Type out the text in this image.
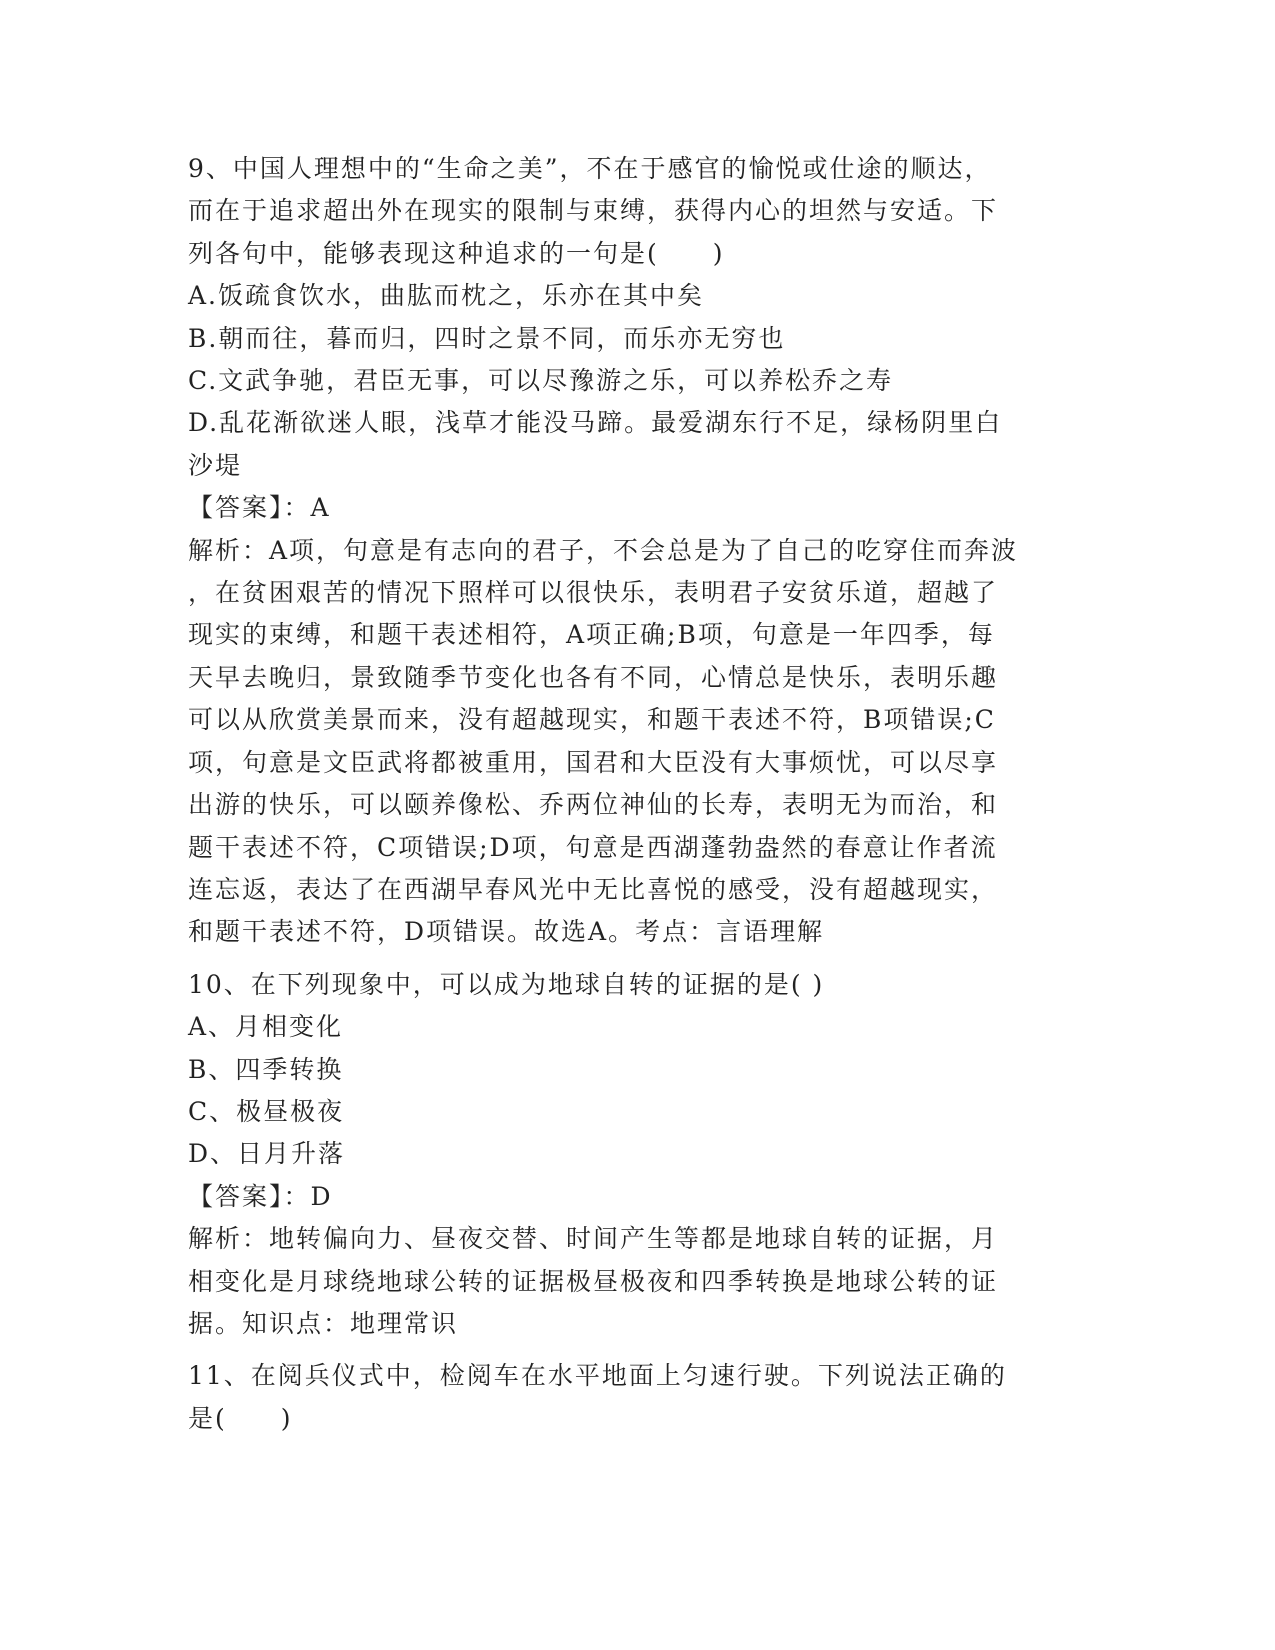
9、中国人理想中的“生命之美”，不在于感官的愉悦或仕途的顺达，
而在于追求超出外在现实的限制与束缚，获得内心的坦然与安适。下
列各句中，能够表现这种追求的一句是(　　)
A.饭疏食饮水，曲肱而枕之，乐亦在其中矣
B.朝而往，暮而归，四时之景不同，而乐亦无穷也
C.文武争驰，君臣无事，可以尽豫游之乐，可以养松乔之寿
D.乱花渐欲迷人眼，浅草才能没马蹄。最爱湖东行不足，绿杨阴里白
沙堤
【答案】：A
解析：A项，句意是有志向的君子，不会总是为了自己的吃穿住而奔波
，在贫困艰苦的情况下照样可以很快乐，表明君子安贫乐道，超越了
现实的束缚，和题干表述相符，A项正确;B项，句意是一年四季，每
天早去晚归，景致随季节变化也各有不同，心情总是快乐，表明乐趣
可以从欣赏美景而来，没有超越现实，和题干表述不符，B项错误;C
项，句意是文臣武将都被重用，国君和大臣没有大事烦忧，可以尽享
出游的快乐，可以颐养像松、乔两位神仙的长寿，表明无为而治，和
题干表述不符，C项错误;D项，句意是西湖蓬勃盎然的春意让作者流
连忘返，表达了在西湖早春风光中无比喜悦的感受，没有超越现实，
和题干表述不符，D项错误。故选A。考点：言语理解
10、在下列现象中，可以成为地球自转的证据的是( )
A、月相变化
B、四季转换
C、极昼极夜
D、日月升落
【答案】：D
解析：地转偏向力、昼夜交替、时间产生等都是地球自转的证据，月
相变化是月球绕地球公转的证据极昼极夜和四季转换是地球公转的证
据。知识点：地理常识
11、在阅兵仪式中，检阅车在水平地面上匀速行驶。下列说法正确的
是(　　)
